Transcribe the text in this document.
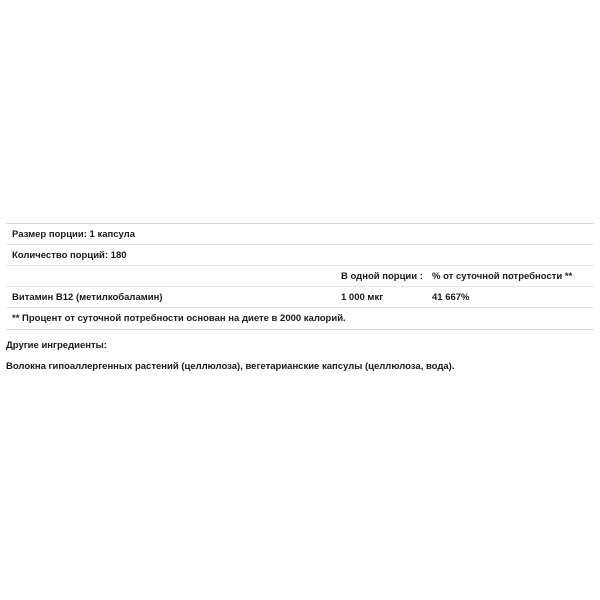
Размер порции: 1 капсула
Количество порций: 180
В одной порции : % от суточной потребности **
Витамин B12 (метилкобаламин)	1 000 мкг	41 667%
** Процент от суточной потребности основан на диете в 2000 калорий.
Другие ингредиенты:
Волокна гипоаллергенных растений (целлюлоза), вегетарианские капсулы (целлюлоза, вода).
